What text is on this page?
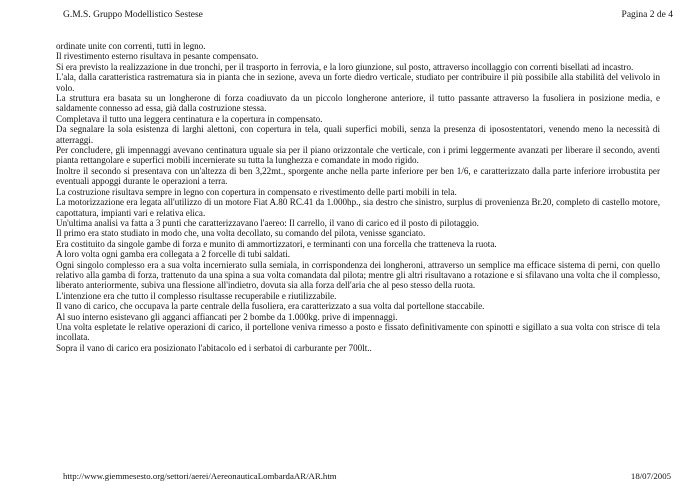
G.M.S. Gruppo Modellistico Sestese	Pagina 2 de 4

ordinate unite con correnti, tutti in legno.

Il rivestimento esterno risultava in pesante compensato.

Si era previsto la realizzazione in due tronchi, per il trasporto in ferrovia, e la loro giunzione, sul posto, attraverso incollaggio con correnti bisellati ad incastro.

L'ala, dalla caratteristica rastrematura sia in pianta che in sezione, aveva un forte diedro verticale, studiato per contribuire il più possibile alla stabilità del velivolo in volo.

La struttura era basata su un longherone di forza coadiuvato da un piccolo longherone anteriore, il tutto passante attraverso la fusoliera in posizione media, e saldamente connesso ad essa, già dalla costruzione stessa.

Completava il tutto una leggera centinatura e la copertura in compensato.

Da segnalare la sola esistenza di larghi alettoni, con copertura in tela, quali superfici mobili, senza la presenza di iposostentatori, venendo meno la necessità di atterraggi.

Per concludere, gli impennaggi avevano centinatura uguale sia per il piano orizzontale che verticale, con i primi leggermente avanzati per liberare il secondo, aventi pianta rettangolare e superfici mobili incernierate su tutta la lunghezza e comandate in modo rigido.

Inoltre il secondo si presentava con un'altezza di ben 3,22mt., sporgente anche nella parte inferiore per ben 1/6, e caratterizzato dalla parte inferiore irrobustita per eventuali appoggi durante le operazioni a terra.

La costruzione risultava sempre in legno con copertura in compensato e rivestimento delle parti mobili in tela.

La motorizzazione era legata all'utilizzo di un motore Fiat A.80 RC.41 da 1.000hp., sia destro che sinistro, surplus di provenienza Br.20, completo di castello motore, capottatura, impianti vari e relativa elica.

Un'ultima analisi va fatta a 3 punti che caratterizzavano l'aereo: Il carrello, il vano di carico ed il posto di pilotaggio.

Il primo era stato studiato in modo che, una volta decollato, su comando del pilota, venisse sganciato.

Era costituito da singole gambe di forza e munito di ammortizzatori, e terminanti con una forcella che tratteneva la ruota.

A loro volta ogni gamba era collegata a 2 forcelle di tubi saldati.

Ogni singolo complesso era a sua volta incernierato sulla semiala, in corrispondenza dei longheroni, attraverso un semplice ma efficace sistema di perni, con quello relativo alla gamba di forza, trattenuto da una spina a sua volta comandata dal pilota; mentre gli altri risultavano a rotazione e si sfilavano una volta che il complesso, liberato anteriormente, subiva una flessione all'indietro, dovuta sia alla forza dell'aria che al peso stesso della ruota.

L'intenzione era che tutto il complesso risultasse recuperabile e riutilizzabile.

Il vano di carico, che occupava la parte centrale della fusoliera, era caratterizzato a sua volta dal portellone staccabile.

Al suo interno esistevano gli agganci affiancati per 2 bombe da 1.000kg. prive di impennaggi.

Una volta espletate le relative operazioni di carico, il portellone veniva rimesso a posto e fissato definitivamente con spinotti e sigillato a sua volta con strisce di tela incollata.

Sopra il vano di carico era posizionato l'abitacolo ed i serbatoi di carburante per 700lt..

http://www.giemmesesto.org/settori/aerei/AereonauticaLombardaAR/AR.htm	18/07/2005
